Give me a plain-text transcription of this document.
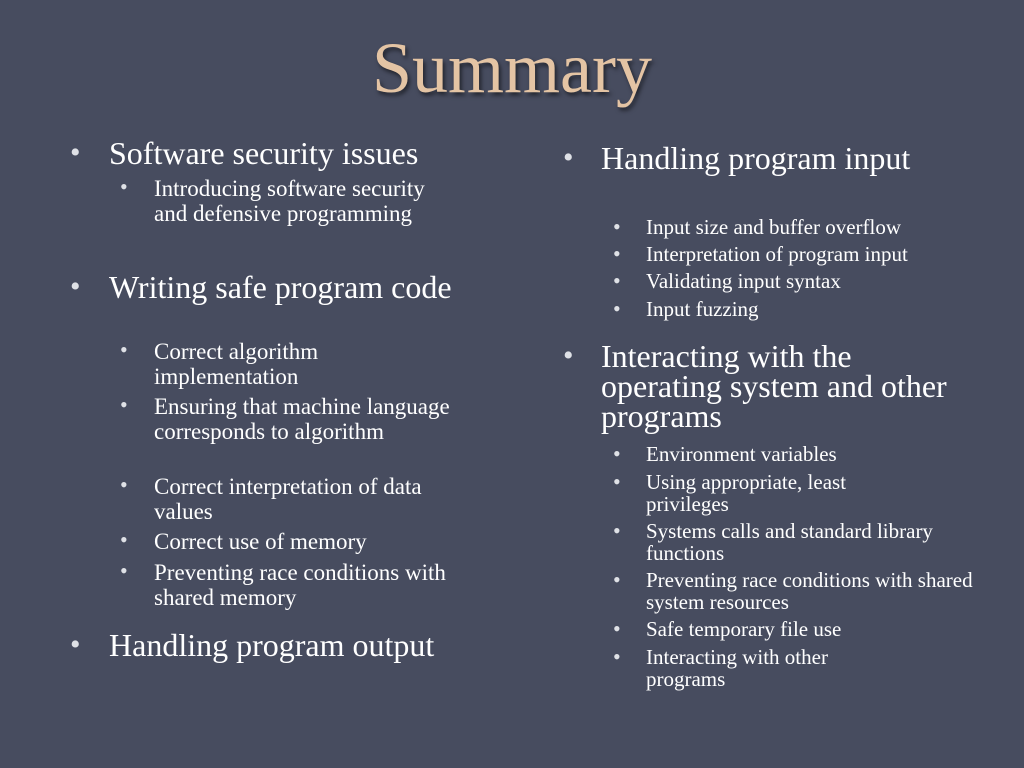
Summary
• Software security issues
• Introducing software security and defensive programming
• Writing safe program code
• Correct algorithm implementation
• Ensuring that machine language corresponds to algorithm
• Correct interpretation of data values
• Correct use of memory
• Preventing race conditions with shared memory
• Handling program output
• Handling program input
• Input size and buffer overflow
• Interpretation of program input
• Validating input syntax
• Input fuzzing
• Interacting with the operating system and other programs
• Environment variables
• Using appropriate, least privileges
• Systems calls and standard library functions
• Preventing race conditions with shared system resources
• Safe temporary file use
• Interacting with other programs
